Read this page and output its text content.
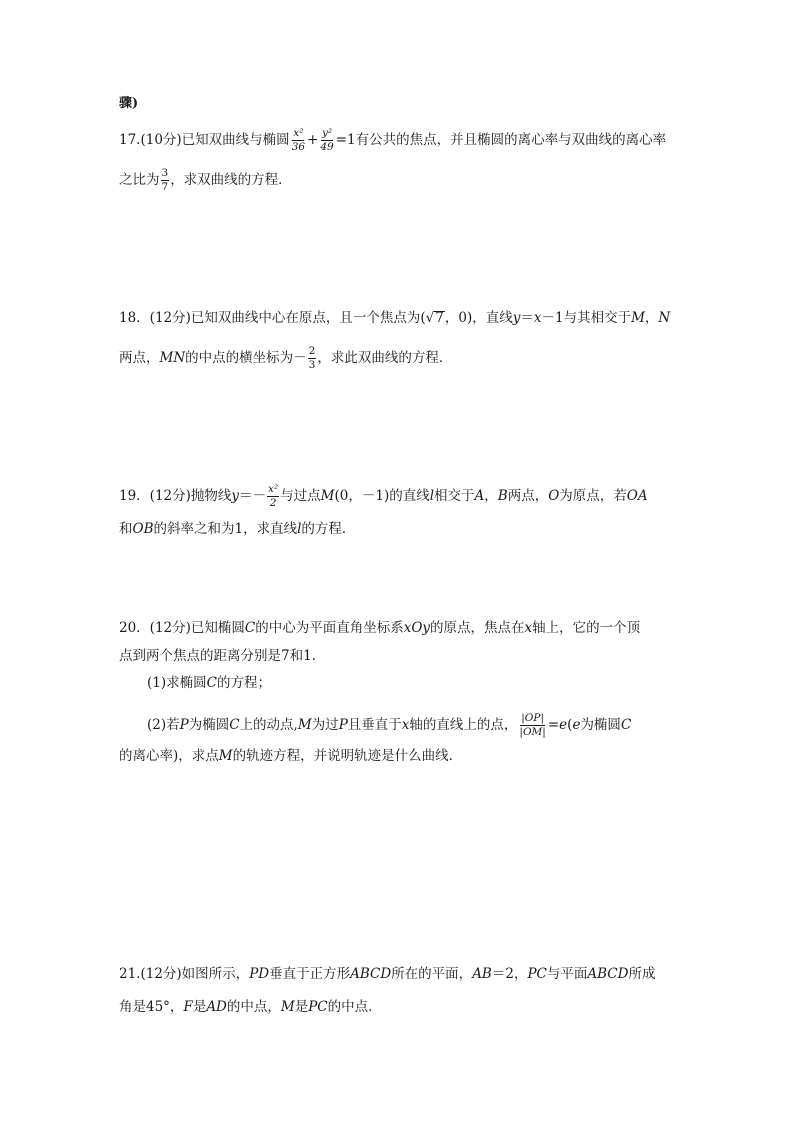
骤)
17.(10分)已知双曲线与椭圆 $\frac{\text{x²}}{36} + \frac{\text{y²}}{49} =1$有公共的焦点，并且椭圆的离心率与双曲线的离心率
之比为 $\frac{3}{7}$ ，求双曲线的方程．
18．(12分)已知双曲线中心在原点，且一个焦点为( √ 7 ，0)，直线 y ＝ x －1与其相交于 M ， N
两点， MN 的中点的横坐标为－ $\frac{2}{3}$ ，求此双曲线的方程．
19．(12分)抛物线 $y =- \frac{\text{x²}}{2}$ 与过点 M (0，－1)的直线 l 相交于 A ， B 两点， O 为原点，若 OA
和 OB 的斜率之和为1，求直线 l 的方程．
20．(12分)已知椭圆 C 的中心为平面直角坐标系 xOy 的原点，焦点在 x 轴上，它的一个顶
点到两个焦点的距离分别是7和1.
(1)求椭圆 C 的方程；
(2)若 P 为椭圆 C 上的动点, M 为过 P 且垂直于 x 轴的直线上的点， $\frac{|OP|}{|OM|} = e$ ( e 为椭圆 C
的离心率)，求点 M 的轨迹方程，并说明轨迹是什么曲线．
21.(12分)如图所示， PD 垂直于正方形 ABCD 所在的平面， AB ＝2， PC 与平面 ABCD 所成
角是45°， F 是 AD 的中点， M 是 PC 的中点．
